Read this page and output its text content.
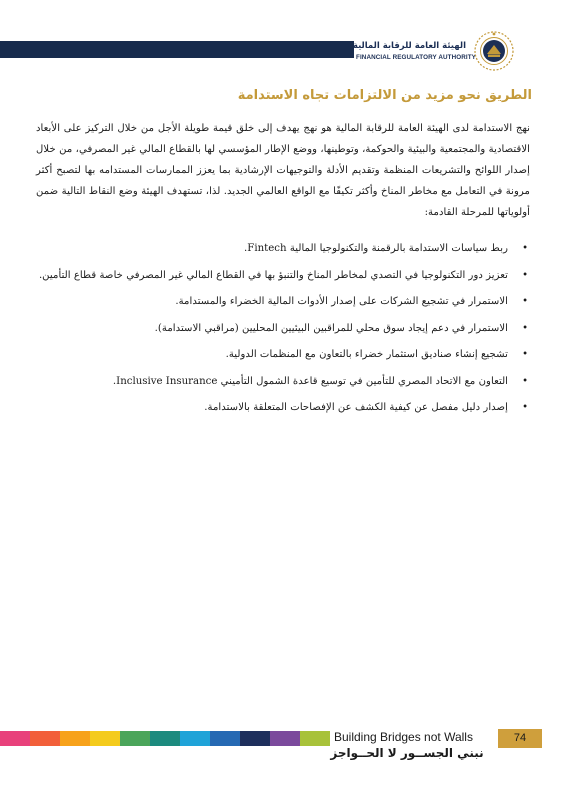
الهيئة العامة للرقابة المالية
FINANCIAL REGULATORY AUTHORITY
الطريق نحو مزيد من الالتزامات تجاه الاستدامة

نهج الاستدامة لدى الهيئة العامة للرقابة المالية هو نهج يهدف إلى خلق قيمة طويلة الأجل من خلال التركيز على الأبعاد الاقتصادية والمجتمعية والبيئية والحوكمة، وتوطينها، ووضع الإطار المؤسسي لها بالقطاع المالي غير المصرفي، من خلال إصدار اللوائح والتشريعات المنظمة وتقديم الأدلة والتوجيهات الإرشادية بما يعزز الممارسات المستدامه بها لتصبح أكثر مرونة في التعامل مع مخاطر المناخ وأكثر تكيفًا مع الواقع العالمي الجديد. لذا، تستهدف الهيئة وضع النقاط التالية ضمن أولوياتها للمرحلة القادمة:

•
ربط سياسات الاستدامة بالرقمنة والتكنولوجيا المالية Fintech.
•
تعزيز دور التكنولوجيا في التصدي لمخاطر المناخ والتنبؤ بها في القطاع المالي غير المصرفي خاصة قطاع التأمين.
•
الاستمرار في تشجيع الشركات على إصدار الأدوات المالية الخضراء والمستدامة.
•
الاستمرار في دعم إيجاد سوق محلي للمراقبين البيئيين المحليين (مراقبي الاستدامة).
•
تشجيع إنشاء صناديق استثمار خضراء بالتعاون مع المنظمات الدولية.
•
التعاون مع الاتحاد المصري للتأمين في توسيع قاعدة الشمول التأميني Inclusive Insurance.
•
إصدار دليل مفصل عن كيفية الكشف عن الإفصاحات المتعلقة بالاستدامة.
Building Bridges not Walls
نبني الجســور لا الحــواجز
74
